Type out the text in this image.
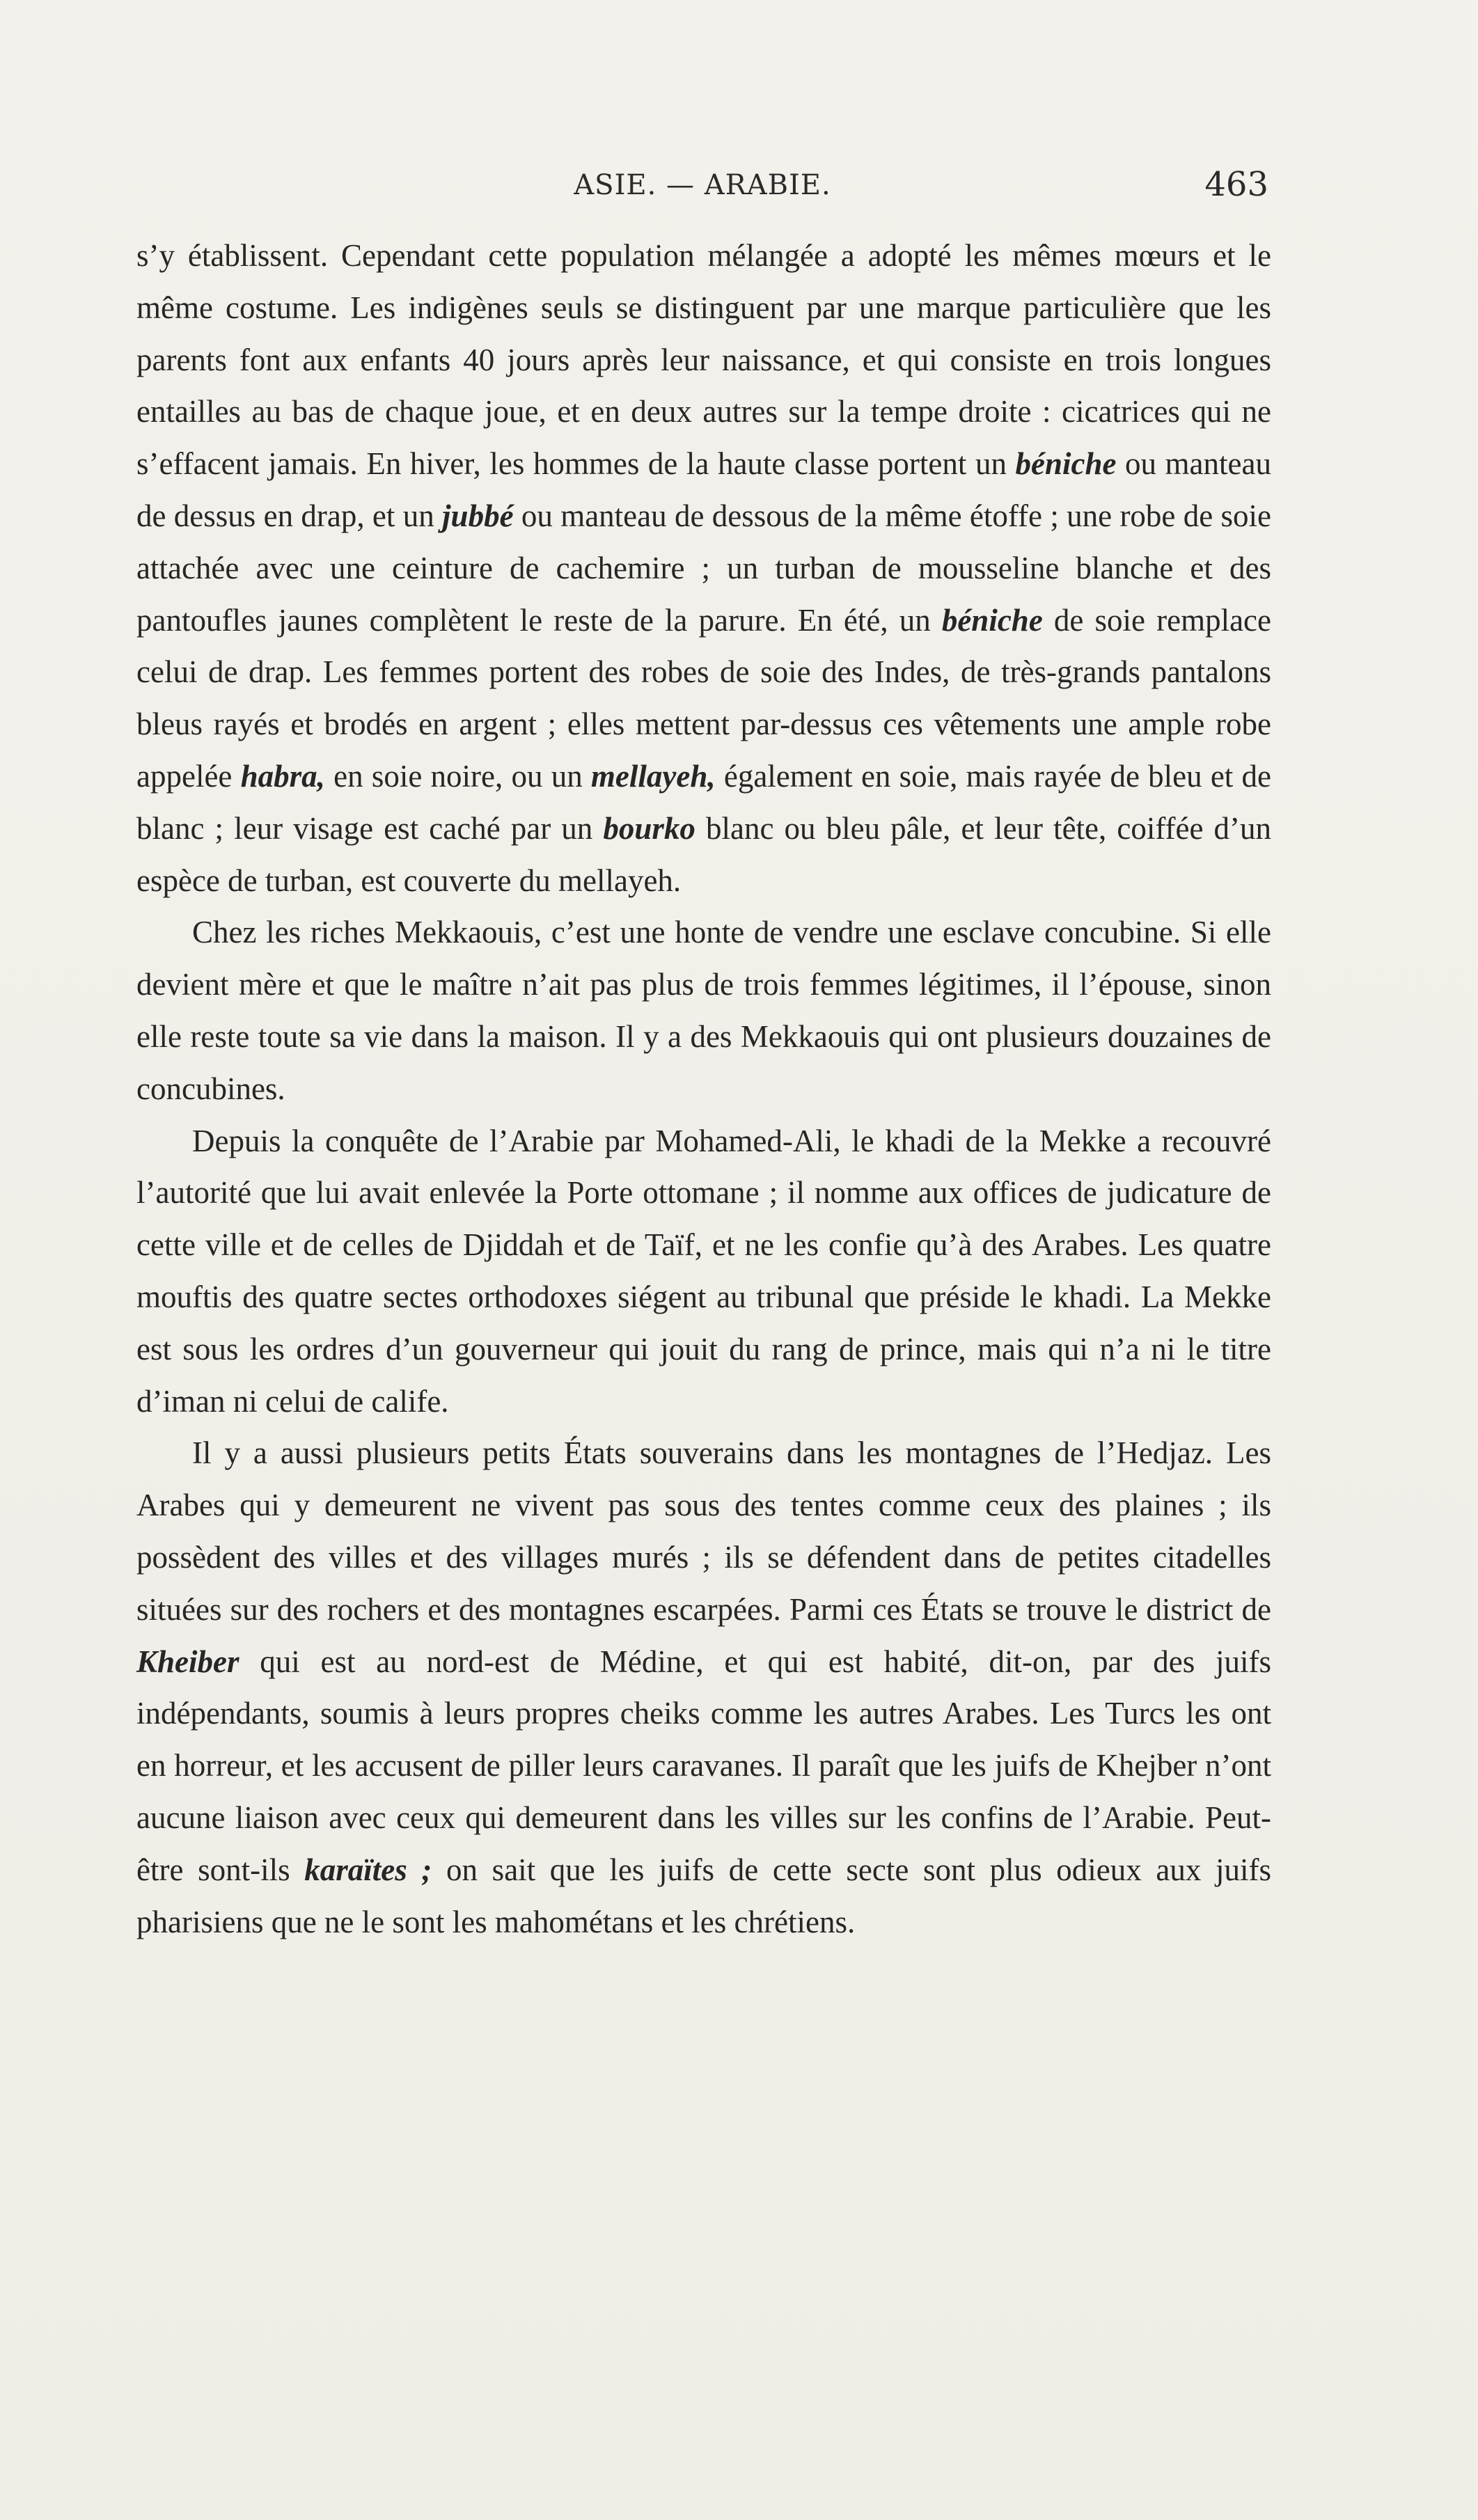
ASIE. — ARABIE.	463

s’y établissent. Cependant cette population mélangée a adopté les mêmes mœurs et le même costume. Les indigènes seuls se distinguent par une marque particulière que les parents font aux enfants 40 jours après leur naissance, et qui consiste en trois longues entailles au bas de chaque joue, et en deux autres sur la tempe droite : cicatrices qui ne s’effacent jamais. En hiver, les hommes de la haute classe portent un béniche ou manteau de dessus en drap, et un jubbé ou manteau de dessous de la même étoffe ; une robe de soie attachée avec une ceinture de cachemire ; un turban de mousseline blanche et des pantoufles jaunes complètent le reste de la parure. En été, un béniche de soie remplace celui de drap. Les femmes portent des robes de soie des Indes, de très-grands pantalons bleus rayés et brodés en argent ; elles mettent par-dessus ces vêtements une ample robe appelée habra, en soie noire, ou un mellayeh, également en soie, mais rayée de bleu et de blanc ; leur visage est caché par un bourko blanc ou bleu pâle, et leur tête, coiffée d’un espèce de turban, est couverte du mellayeh.

Chez les riches Mekkaouis, c’est une honte de vendre une esclave concubine. Si elle devient mère et que le maître n’ait pas plus de trois femmes légitimes, il l’épouse, sinon elle reste toute sa vie dans la maison. Il y a des Mekkaouis qui ont plusieurs douzaines de concubines.

Depuis la conquête de l’Arabie par Mohamed-Ali, le khadi de la Mekke a recouvré l’autorité que lui avait enlevée la Porte ottomane ; il nomme aux offices de judicature de cette ville et de celles de Djiddah et de Taïf, et ne les confie qu’à des Arabes. Les quatre mouftis des quatre sectes orthodoxes siégent au tribunal que préside le khadi. La Mekke est sous les ordres d’un gouverneur qui jouit du rang de prince, mais qui n’a ni le titre d’iman ni celui de calife.

Il y a aussi plusieurs petits États souverains dans les montagnes de l’Hedjaz. Les Arabes qui y demeurent ne vivent pas sous des tentes comme ceux des plaines ; ils possèdent des villes et des villages murés ; ils se défendent dans de petites citadelles situées sur des rochers et des montagnes escarpées. Parmi ces États se trouve le district de Kheiber qui est au nord-est de Médine, et qui est habité, dit-on, par des juifs indépendants, soumis à leurs propres cheiks comme les autres Arabes. Les Turcs les ont en horreur, et les accusent de piller leurs caravanes. Il paraît que les juifs de Khejber n’ont aucune liaison avec ceux qui demeurent dans les villes sur les confins de l’Arabie. Peut-être sont-ils karaïtes ; on sait que les juifs de cette secte sont plus odieux aux juifs pharisiens que ne le sont les mahométans et les chrétiens.
